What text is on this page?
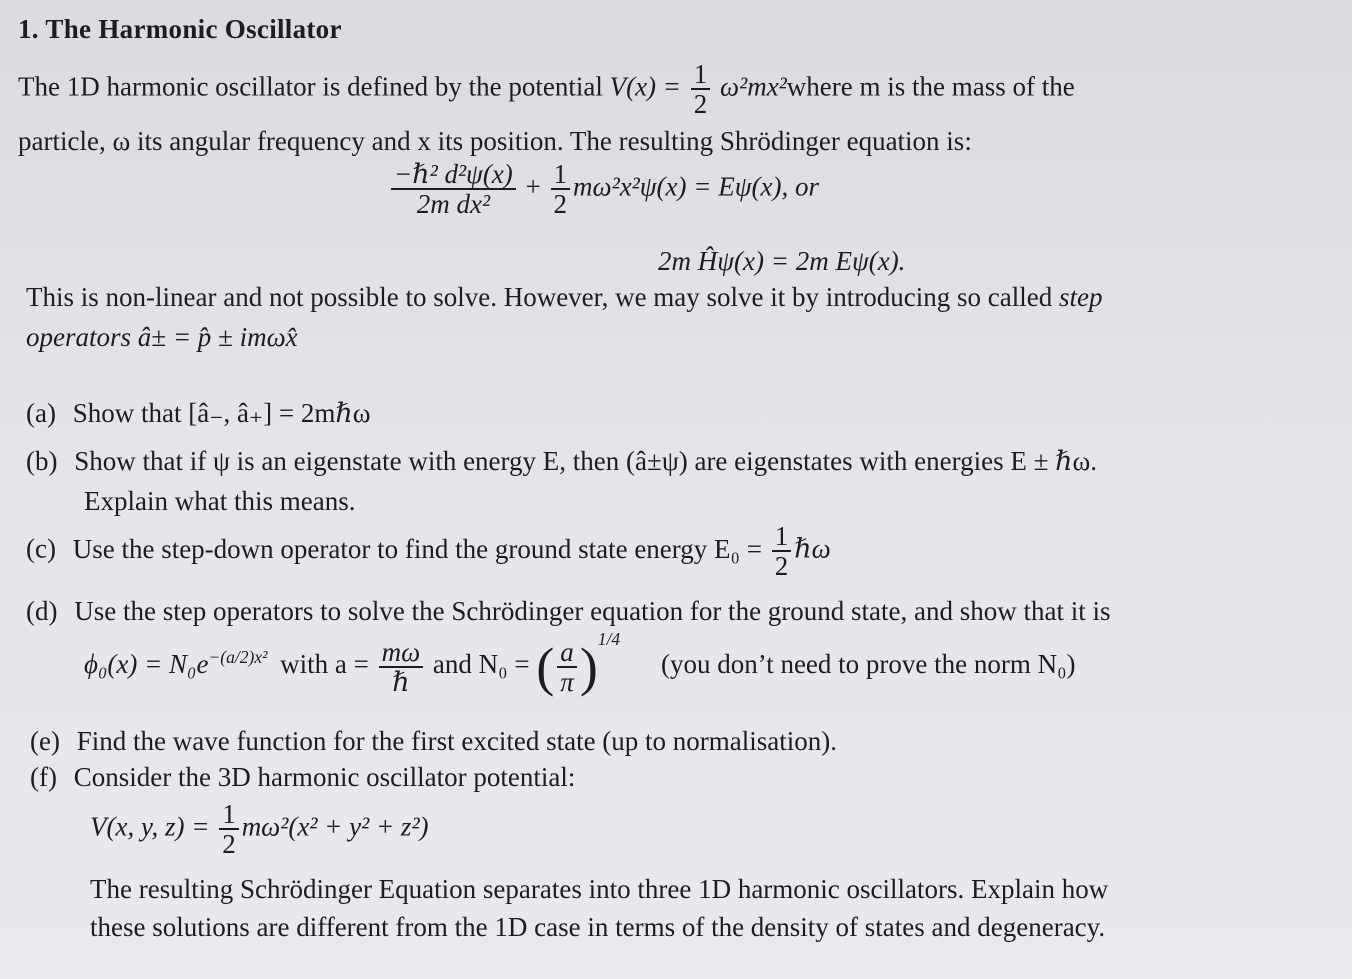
1. The Harmonic Oscillator
The 1D harmonic oscillator is defined by the potential $V(x) = \frac{1}{2}$ ω²mx²where m is the mass of the
particle, ω its angular frequency and x its position. The resulting Shrödinger equation is:
$\frac{\text{−ℏ² d²ψ(x)}}{\text{2m dx²}} + \frac{1}{2} m\omega^2x^2\psi(x) = E\psi(x)$, or
2m Ĥψ(x) = 2m Eψ(x).
This is non-linear and not possible to solve. However, we may solve it by introducing so called step
operators â± = p̂ ± imωx̂
(a) Show that [â₋, â₊] = 2mℏω
(b) Show that if ψ is an eigenstate with energy E, then (â±ψ) are eigenstates with energies E ± ℏω.
Explain what this means.
(c) Use the step-down operator to find the ground state energy $E_0 = \frac{1}{2}$ ℏω
(d) Use the step operators to solve the Schrödinger equation for the ground state, and show that it is
$\phi_0(x) = N_0e^{-(a/2)x^2}$ with $a = \frac{m\omega}{\text{ℏ}}$ and N₀ = ( $\frac{a}{\pi} )^{1/4}$ (you don’t need to prove the norm N₀)
(e) Find the wave function for the first excited state (up to normalisation).
(f) Consider the 3D harmonic oscillator potential:
V(x, y, $z) = \frac{1}{2} m\omega^2(x^2 + y^2 + z^2)$
The resulting Schrödinger Equation separates into three 1D harmonic oscillators. Explain how
these solutions are different from the 1D case in terms of the density of states and degeneracy.
